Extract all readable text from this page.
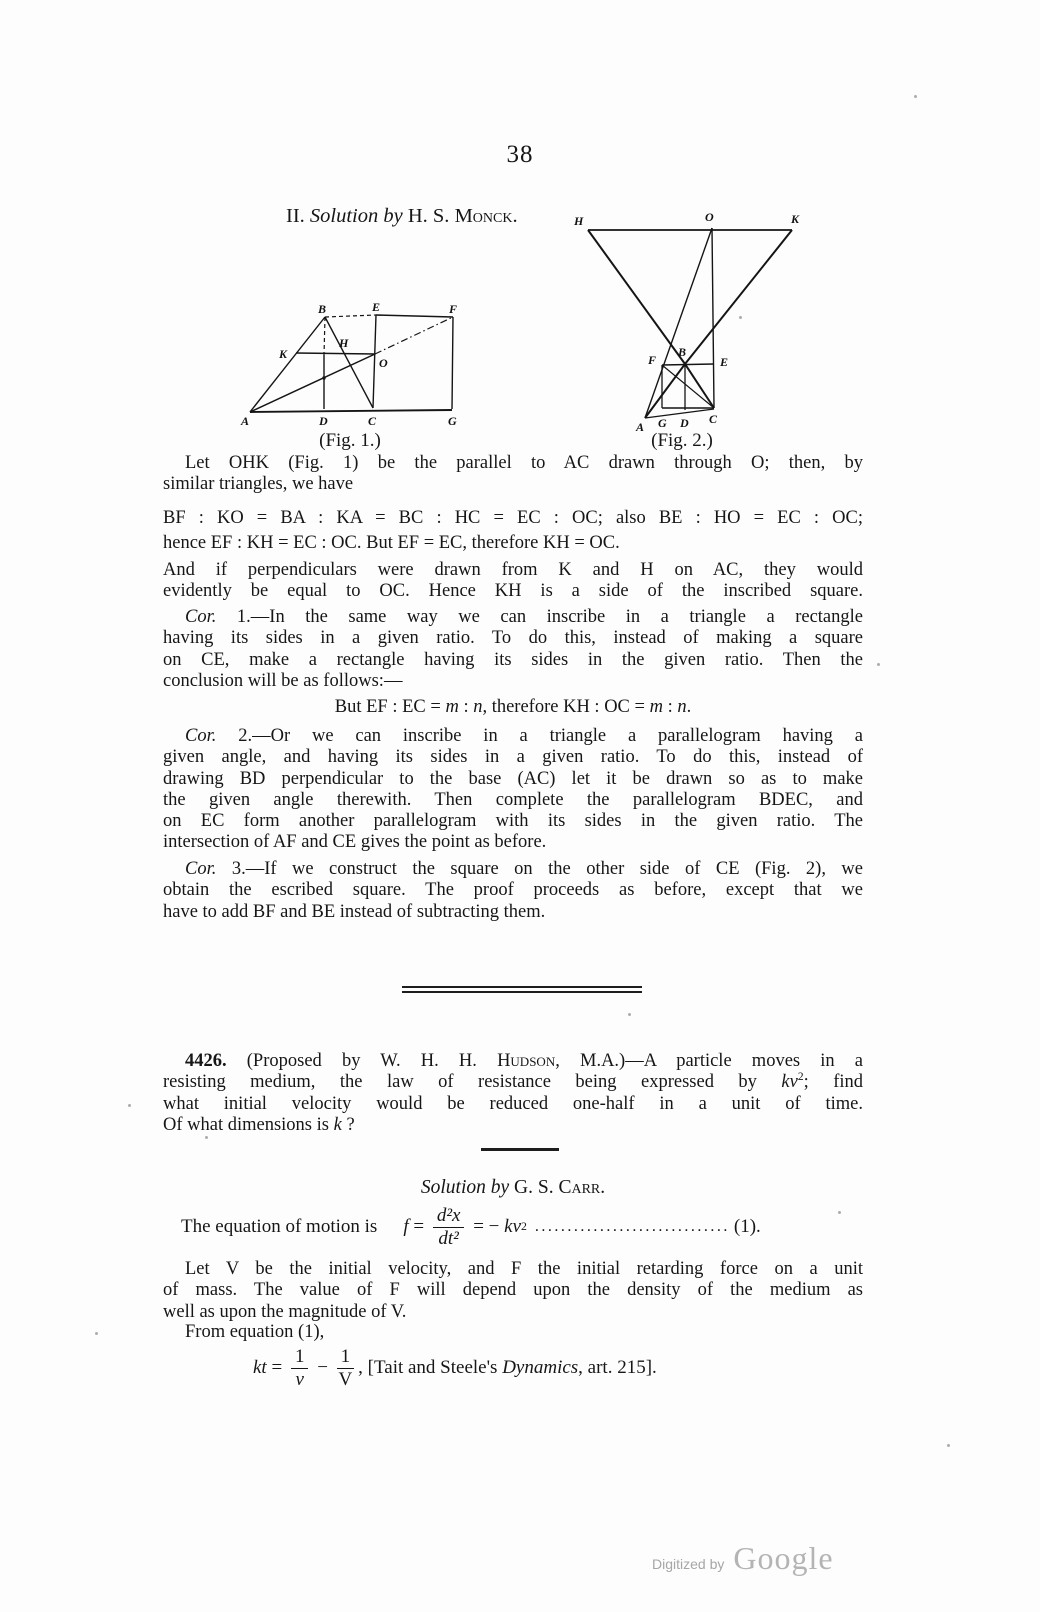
38
II. Solution by H. S. Monck.
A
B
C
D
E	F
G
H
K
O
H	O	K
B
F	E
A G D C
(Fig. 1.)	(Fig. 2.)
Let OHK (Fig. 1) be the parallel to AC drawn through O; then, by
similar triangles, we have
BF : KO = BA : KA = BC : HC = EC : OC; also BE : HO = EC : OC;
hence EF : KH = EC : OC. But EF = EC, therefore KH = OC.
And if perpendiculars were drawn from K and H on AC, they would
evidently be equal to OC. Hence KH is a side of the inscribed square.
Cor. 1.—In the same way we can inscribe in a triangle a rectangle
having its sides in a given ratio. To do this, instead of making a square
on CE, make a rectangle having its sides in the given ratio. Then the
conclusion will be as follows:—
But EF : EC = m : n, therefore KH : OC = m : n.
Cor. 2.—Or we can inscribe in a triangle a parallelogram having a
given angle, and having its sides in a given ratio. To do this, instead of
drawing BD perpendicular to the base (AC) let it be drawn so as to make
the given angle therewith. Then complete the parallelogram BDEC, and
on EC form another parallelogram with its sides in the given ratio. The
intersection of AF and CE gives the point as before.
Cor. 3.—If we construct the square on the other side of CE (Fig. 2), we
obtain the escribed square. The proof proceeds as before, except that we
have to add BF and BE instead of subtracting them.
4426. (Proposed by W. H. H. Hudson, M.A.)—A particle moves in a
resisting medium, the law of resistance being expressed by $kv^2$; find
what initial velocity would be reduced one-half in a unit of time.
Of what dimensions is k ?
Solution by G. S. Carr.
The equation of motion is $f = \frac{\text{d²x}}{\text{dt²}}$ = − kv 2 .............................. (1).
Let V be the initial velocity, and F the initial retarding force on a unit
of mass. The value of F will depend upon the density of the medium as
well as upon the magnitude of V.
From equation (1),
kt = $\frac{1}{v} - \frac{1}{V}$ , [Tait and Steele's Dynamics , art. 215].
Digitized by Google
